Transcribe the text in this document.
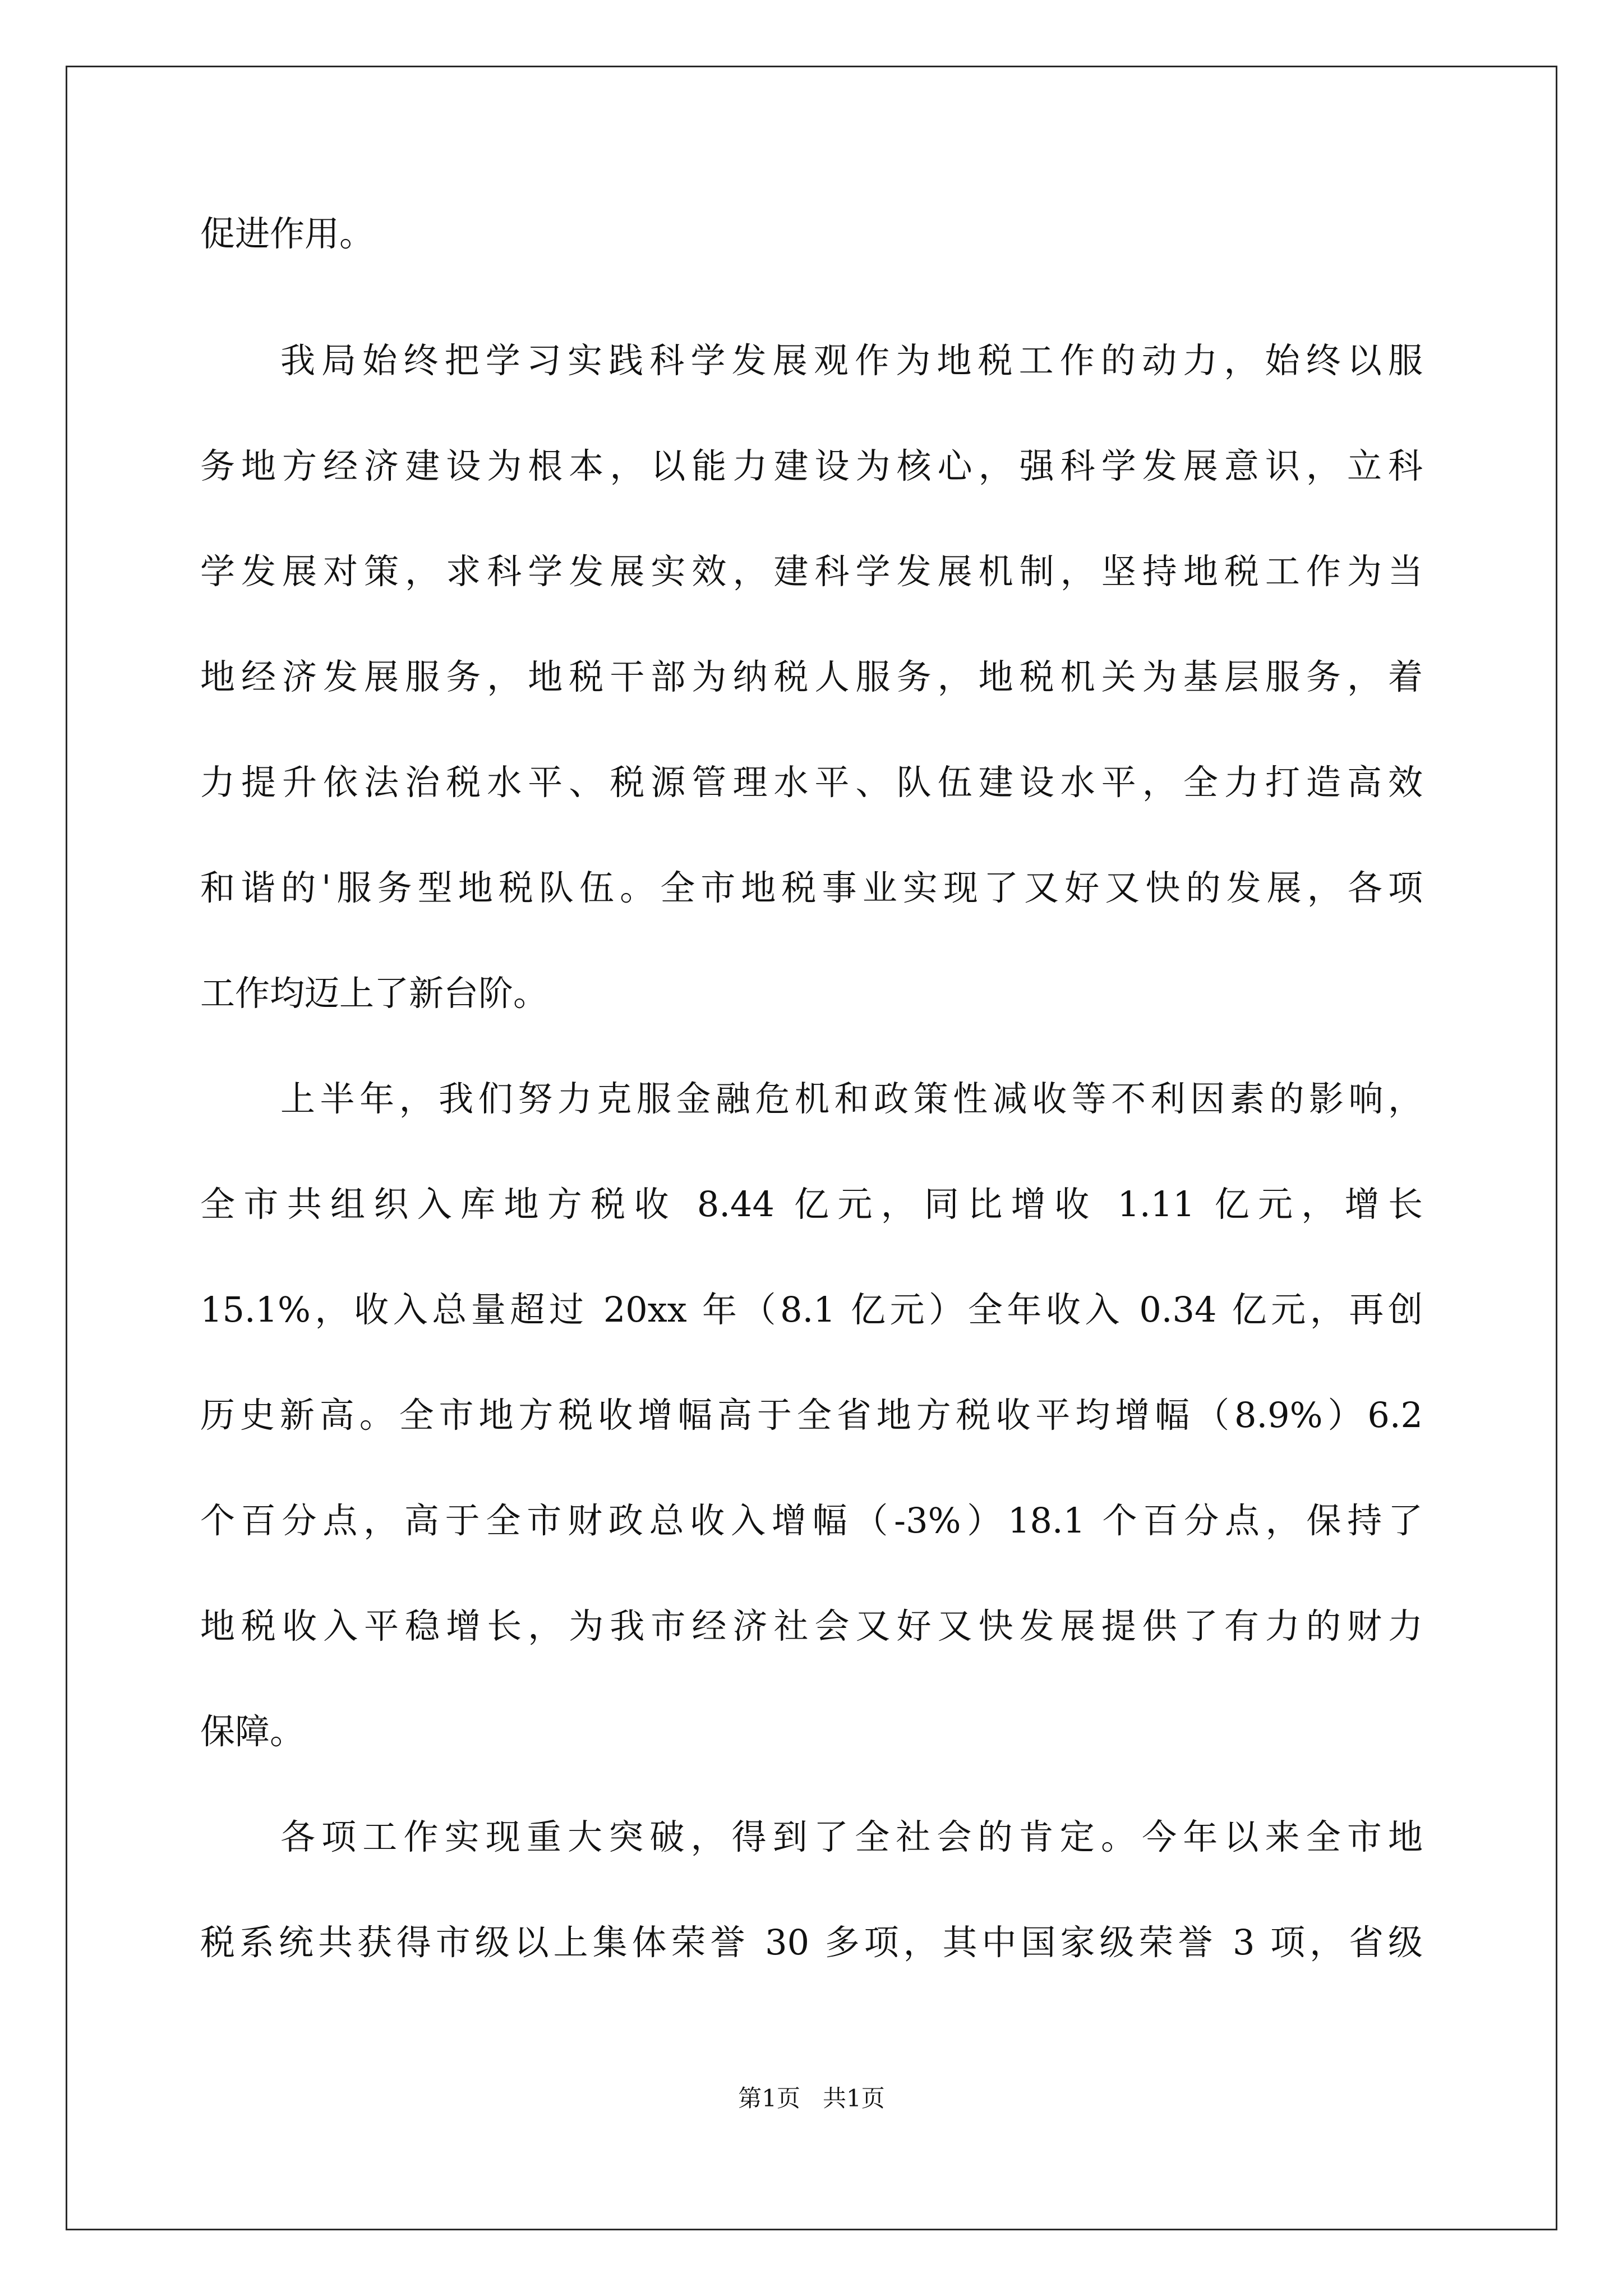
促进作用。
我局始终把学习实践科学发展观作为地税工作的动力，始终以服
务地方经济建设为根本，以能力建设为核心，强科学发展意识，立科
学发展对策，求科学发展实效，建科学发展机制，坚持地税工作为当
地经济发展服务，地税干部为纳税人服务，地税机关为基层服务，着
力提升依法治税水平、税源管理水平、队伍建设水平，全力打造高效
和谐的'服务型地税队伍。全市地税事业实现了又好又快的发展，各项
工作均迈上了新台阶。
上半年，我们努力克服金融危机和政策性减收等不利因素的影响，
全市共组织入库地方税收 8.44 亿元，同比增收 1.11 亿元，增长
15.1%，收入总量超过 20xx 年（8.1 亿元）全年收入 0.34 亿元，再创
历史新高。全市地方税收增幅高于全省地方税收平均增幅（8.9%）6.2
个百分点，高于全市财政总收入增幅（-3%）18.1 个百分点，保持了
地税收入平稳增长，为我市经济社会又好又快发展提供了有力的财力
保障。
各项工作实现重大突破，得到了全社会的肯定。今年以来全市地
税系统共获得市级以上集体荣誉 30 多项，其中国家级荣誉 3 项，省级
第1页   共1页
